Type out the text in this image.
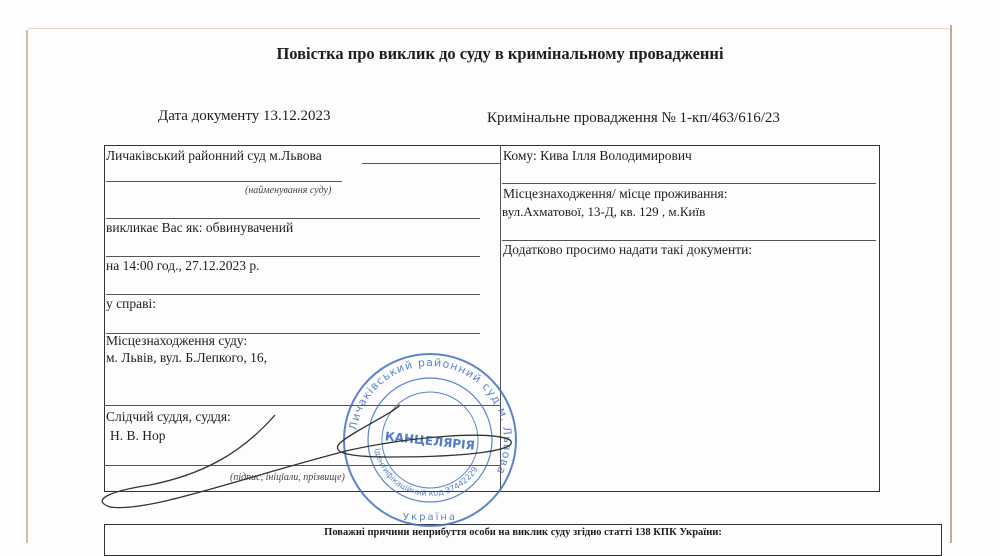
Повістка про виклик до суду в кримінальному провадженні
Дата документу 13.12.2023	Кримінальне провадження № 1-кп/463/616/23
Личаківський районний суд м.Львова
(найменування суду)
викликає Вас як: обвинувачений
на 14:00 год., 27.12.2023 р.
у справі:
Місцезнаходження суду:
м. Львів, вул. Б.Лепкого, 16,
Слідчий суддя, суддя:
Н. В. Нор
(підпис, ініціали, прізвище)
Кому: Кива Ілля Володимирович
Місцезнаходження/ місце проживання:
вул.Ахматової, 13-Д, кв. 129 , м.Київ
Додатково просимо надати такі документи:
Поважні причини неприбуття особи на виклик суду згідно статті 138 КПК України:
Личаківський районний суд м. Львова
Ідентифікаційний код 37442229
Україна
КАНЦЕЛЯРІЯ
